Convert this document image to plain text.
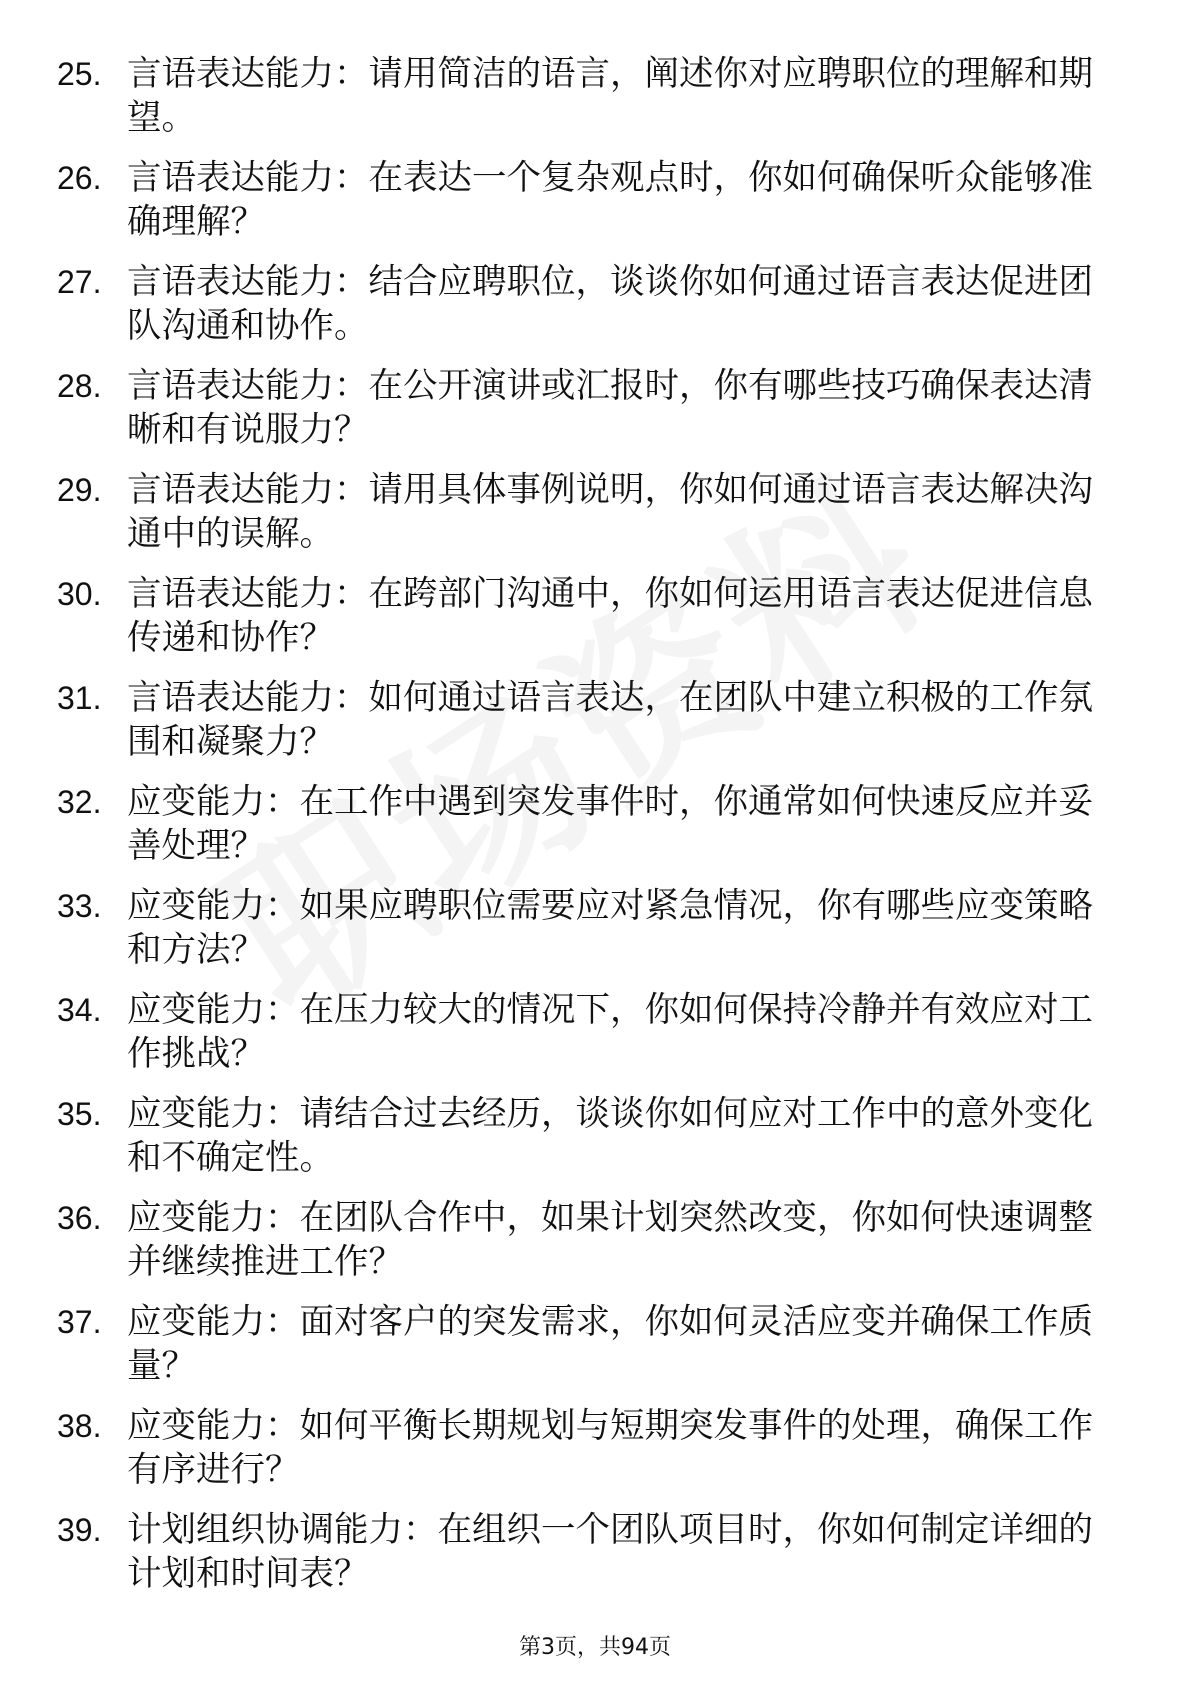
25. 言语表达能力：请用简洁的语言，阐述你对应聘职位的理解和期望。
26. 言语表达能力：在表达一个复杂观点时，你如何确保听众能够准确理解？
27. 言语表达能力：结合应聘职位，谈谈你如何通过语言表达促进团队沟通和协作。
28. 言语表达能力：在公开演讲或汇报时，你有哪些技巧确保表达清晰和有说服力？
29. 言语表达能力：请用具体事例说明，你如何通过语言表达解决沟通中的误解。
30. 言语表达能力：在跨部门沟通中，你如何运用语言表达促进信息传递和协作？
31. 言语表达能力：如何通过语言表达，在团队中建立积极的工作氛围和凝聚力？
32. 应变能力：在工作中遇到突发事件时，你通常如何快速反应并妥善处理？
33. 应变能力：如果应聘职位需要应对紧急情况，你有哪些应变策略和方法？
34. 应变能力：在压力较大的情况下，你如何保持冷静并有效应对工作挑战？
35. 应变能力：请结合过去经历，谈谈你如何应对工作中的意外变化和不确定性。
36. 应变能力：在团队合作中，如果计划突然改变，你如何快速调整并继续推进工作？
37. 应变能力：面对客户的突发需求，你如何灵活应变并确保工作质量？
38. 应变能力：如何平衡长期规划与短期突发事件的处理，确保工作有序进行？
39. 计划组织协调能力：在组织一个团队项目时，你如何制定详细的计划和时间表？
第3页，共94页
